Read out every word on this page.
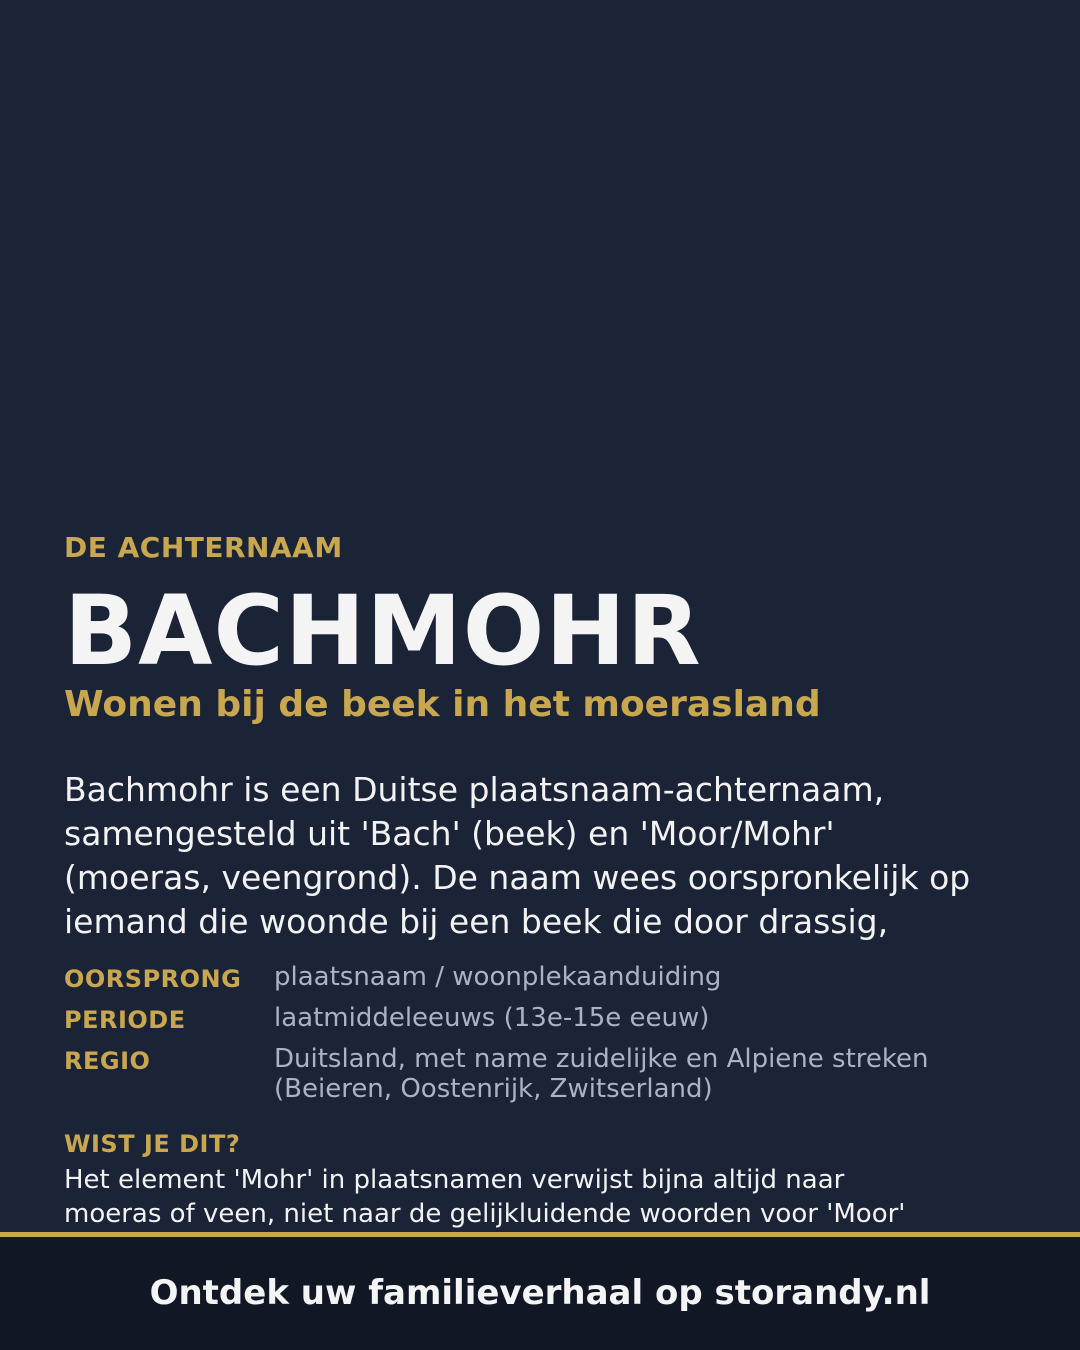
DE ACHTERNAAM
BACHMOHR
Wonen bij de beek in het moerasland
Bachmohr is een Duitse plaatsnaam-achternaam,
samengesteld uit 'Bach' (beek) en 'Moor/Mohr'
(moeras, veengrond). De naam wees oorspronkelijk op
iemand die woonde bij een beek die door drassig,
OORSPRONG plaatsnaam / woonplekaanduiding
PERIODE	laatmiddeleeuws (13e-15e eeuw)
REGIO	Duitsland, met name zuidelijke en Alpiene streken
(Beieren, Oostenrijk, Zwitserland)
WIST JE DIT?
Het element 'Mohr' in plaatsnamen verwijst bijna altijd naar
moeras of veen, niet naar de gelijkluidende woorden voor 'Moor'
Ontdek uw familieverhaal op storandy.nl
